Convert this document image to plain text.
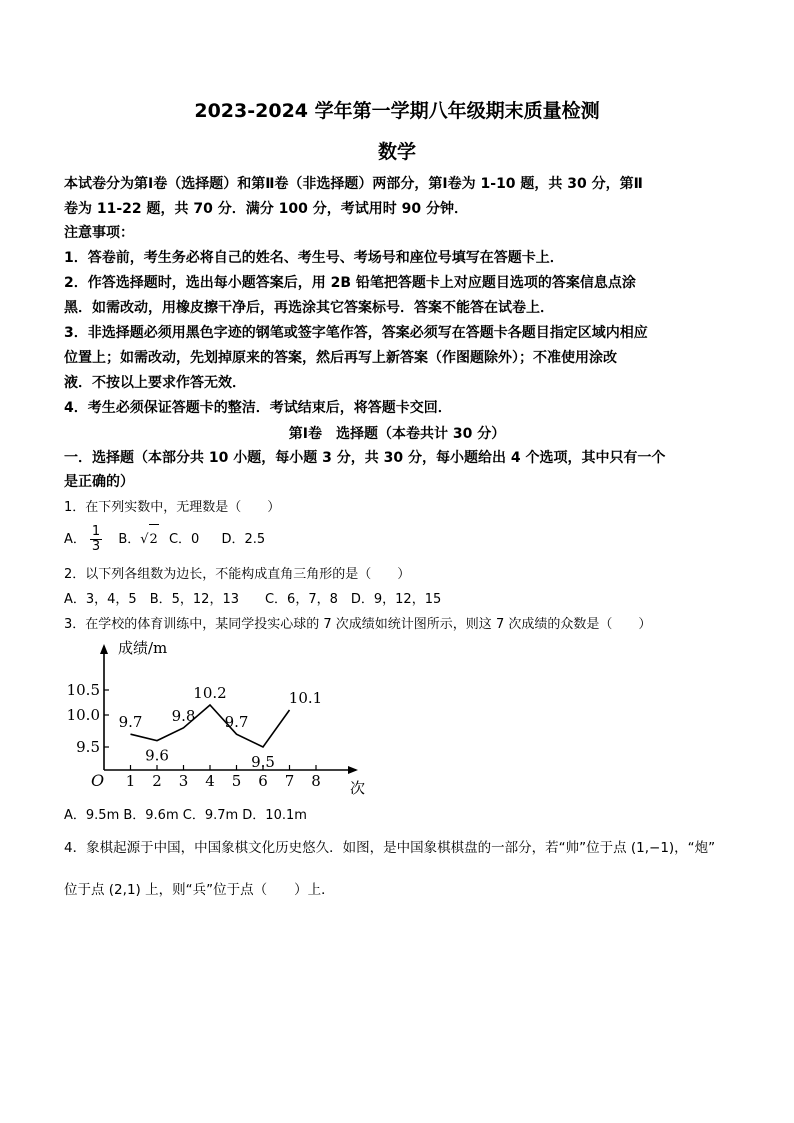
2023-2024 学年第一学期八年级期末质量检测
数学
本试卷分为第Ⅰ卷（选择题）和第Ⅱ卷（非选择题）两部分，第Ⅰ卷为 1-10 题，共 30 分，第Ⅱ
卷为 11-22 题，共 70 分．满分 100 分，考试用时 90 分钟．
注意事项：
1．答卷前，考生务必将自己的姓名、考生号、考场号和座位号填写在答题卡上．
2．作答选择题时，选出每小题答案后，用 2B 铅笔把答题卡上对应题目选项的答案信息点涂
黑．如需改动，用橡皮擦干净后，再选涂其它答案标号．答案不能答在试卷上．
3．非选择题必须用黑色字迹的钢笔或签字笔作答，答案必须写在答题卡各题目指定区域内相应
位置上；如需改动，先划掉原来的答案，然后再写上新答案（作图题除外）；不准使用涂改
液．不按以上要求作答无效．
4．考生必须保证答题卡的整洁．考试结束后，将答题卡交回．
第Ⅰ卷　选择题（本卷共计 30 分）
一．选择题（本部分共 10 小题，每小题 3 分，共 30 分，每小题给出 4 个选项，其中只有一个
是正确的）
1．在下列实数中，无理数是（　　）
A． $\frac{1}{3}$ B．√2 C．0 D．2.5
2．以下列各组数为边长，不能构成直角三角形的是（　　）
A．3，4，5　B．5，12，13　　C．6，7，8　D．9，12，15
3．在学校的体育训练中，某同学投实心球的 7 次成绩如统计图所示，则这 7 次成绩的众数是（　　）
成绩/m
次
O 1 2 3 4 5 6 7 8
9.5
10.0
10.5
9.7
9.6
9.8
10.2
9.7
9.5
10.1
A．9.5m B．9.6m C．9.7m D．10.1m
4．象棋起源于中国，中国象棋文化历史悠久．如图，是中国象棋棋盘的一部分，若“帅”位于点 (1,−1)，“炮”
位于点 (2,1) 上，则“兵”位于点（　　）上．
